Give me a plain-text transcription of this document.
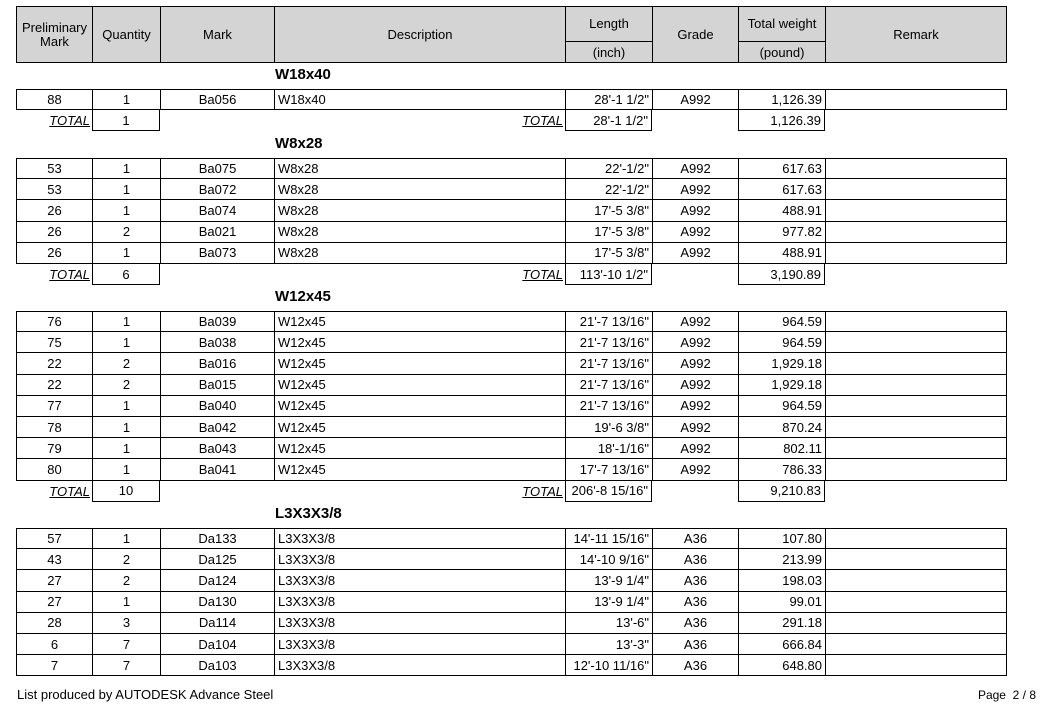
Preliminary Mark	Quantity	Mark	Description
Length
(inch)
Grade
Total weight
(pound)
Remark
W18x40
88	1	Ba056	W18x40	28'-1 1/2"	A992	1,126.39
TOTAL	1	TOTAL	28'-1 1/2"	1,126.39
W8x28
53	1	Ba075	W8x28	22'-1/2"	A992	617.63
53	1	Ba072	W8x28	22'-1/2"	A992	617.63
26	1	Ba074	W8x28	17'-5 3/8"	A992	488.91
26	2	Ba021	W8x28	17'-5 3/8"	A992	977.82
26	1	Ba073	W8x28	17'-5 3/8"	A992	488.91
TOTAL	6	TOTAL	113'-10 1/2"	3,190.89
W12x45
76	1	Ba039	W12x45	21'-7 13/16"	A992	964.59
75	1	Ba038	W12x45	21'-7 13/16"	A992	964.59
22	2	Ba016	W12x45	21'-7 13/16"	A992	1,929.18
22	2	Ba015	W12x45	21'-7 13/16"	A992	1,929.18
77	1	Ba040	W12x45	21'-7 13/16"	A992	964.59
78	1	Ba042	W12x45	19'-6 3/8"	A992	870.24
79	1	Ba043	W12x45	18'-1/16"	A992	802.11
80	1	Ba041	W12x45	17'-7 13/16"	A992	786.33
TOTAL	10	TOTAL 206'-8 15/16"	9,210.83
L3X3X3/8
57	1	Da133	L3X3X3/8	14'-11 15/16"	A36	107.80
43	2	Da125	L3X3X3/8	14'-10 9/16"	A36	213.99
27	2	Da124	L3X3X3/8	13'-9 1/4"	A36	198.03
27	1	Da130	L3X3X3/8	13'-9 1/4"	A36	99.01
28	3	Da114	L3X3X3/8	13'-6"	A36	291.18
6	7	Da104	L3X3X3/8	13'-3"	A36	666.84
7	7	Da103	L3X3X3/8	12'-10 11/16"	A36	648.80
List produced by AUTODESK Advance Steel	Page 2 / 8
